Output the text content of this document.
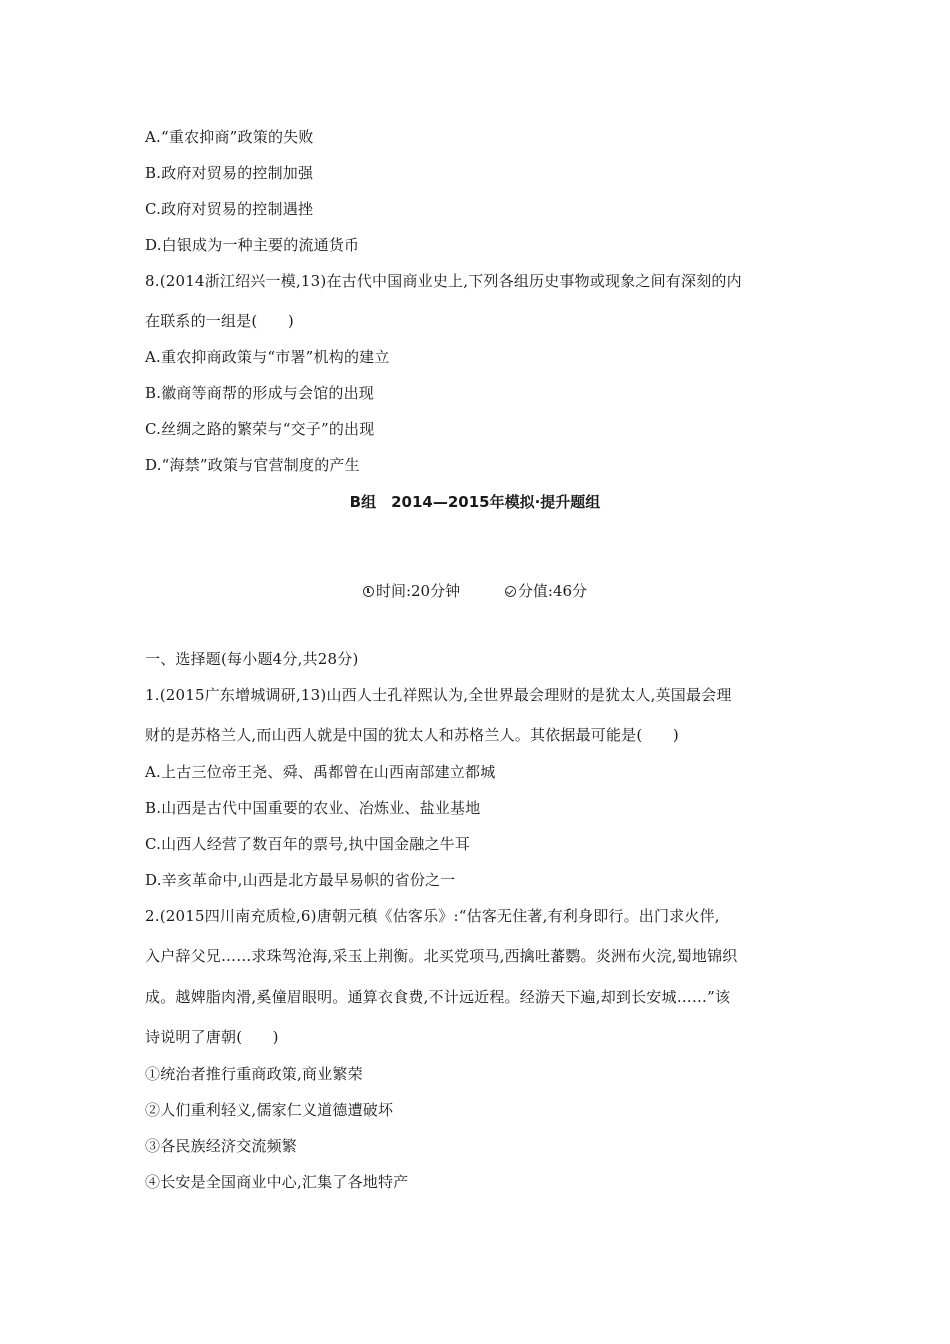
A.“重农抑商”政策的失败
B.政府对贸易的控制加强
C.政府对贸易的控制遇挫
D.白银成为一种主要的流通货币
8.(2014浙江绍兴一模,13)在古代中国商业史上,下列各组历史事物或现象之间有深刻的内
在联系的一组是(　　)
A.重农抑商政策与“市署”机构的建立
B.徽商等商帮的形成与会馆的出现
C.丝绸之路的繁荣与“交子”的出现
D.“海禁”政策与官营制度的产生
B组　2014—2015年模拟·提升题组
时间:20分钟	分值:46分
一、选择题(每小题4分,共28分)
1.(2015广东增城调研,13)山西人士孔祥熙认为,全世界最会理财的是犹太人,英国最会理
财的是苏格兰人,而山西人就是中国的犹太人和苏格兰人。其依据最可能是(　　)
A.上古三位帝王尧、舜、禹都曾在山西南部建立都城
B.山西是古代中国重要的农业、冶炼业、盐业基地
C.山西人经营了数百年的票号,执中国金融之牛耳
D.辛亥革命中,山西是北方最早易帜的省份之一
2.(2015四川南充质检,6)唐朝元稹《估客乐》:“估客无住著,有利身即行。出门求火伴,
入户辞父兄……求珠驾沧海,采玉上荆衡。北买党项马,西擒吐蕃鹦。炎洲布火浣,蜀地锦织
成。越婢脂肉滑,奚僮眉眼明。通算衣食费,不计远近程。经游天下遍,却到长安城……”该
诗说明了唐朝(　　)
①统治者推行重商政策,商业繁荣
②人们重利轻义,儒家仁义道德遭破坏
③各民族经济交流频繁
④长安是全国商业中心,汇集了各地特产
